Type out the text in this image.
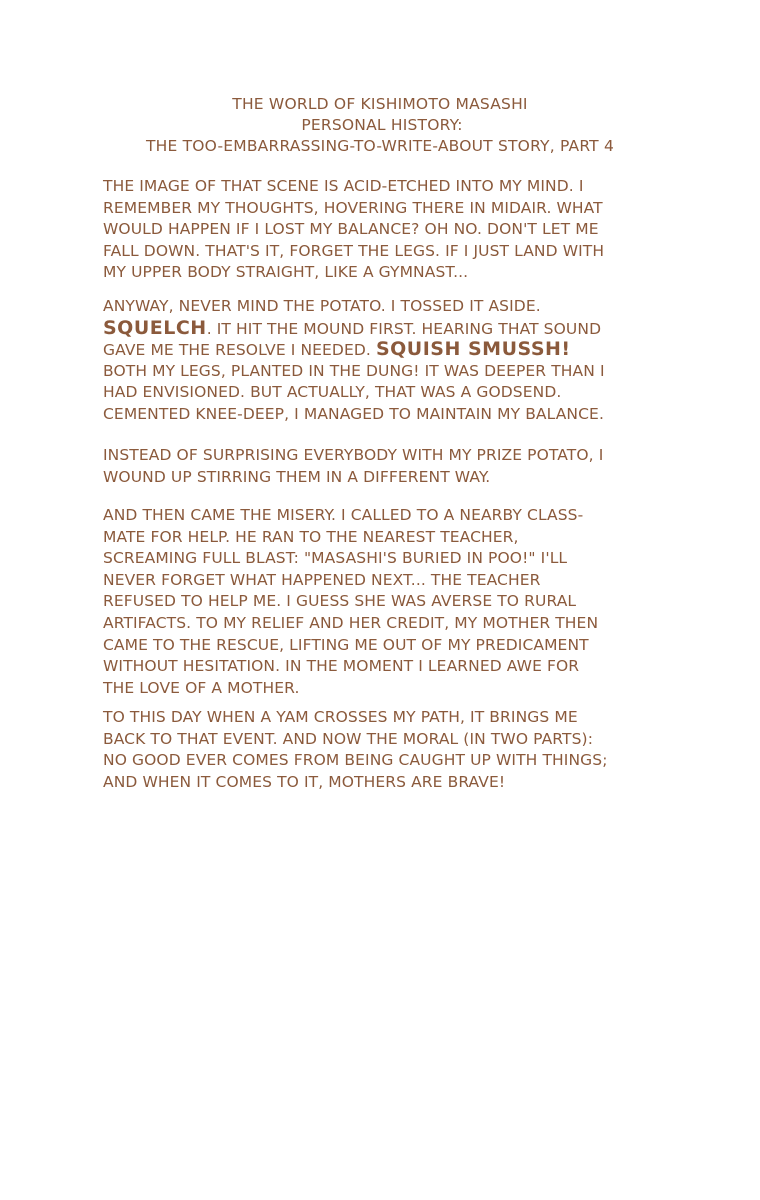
THE WORLD OF KISHIMOTO MASASHI
PERSONAL HISTORY:
THE TOO-EMBARRASSING-TO-WRITE-ABOUT STORY, PART 4
THE IMAGE OF THAT SCENE IS ACID-ETCHED INTO MY MIND. I
REMEMBER MY THOUGHTS, HOVERING THERE IN MIDAIR. WHAT
WOULD HAPPEN IF I LOST MY BALANCE? OH NO. DON'T LET ME
FALL DOWN. THAT'S IT, FORGET THE LEGS. IF I JUST LAND WITH
MY UPPER BODY STRAIGHT, LIKE A GYMNAST...
ANYWAY, NEVER MIND THE POTATO. I TOSSED IT ASIDE.
SQUELCH. IT HIT THE MOUND FIRST. HEARING THAT SOUND
GAVE ME THE RESOLVE I NEEDED. SQUISH SMUSSH!
BOTH MY LEGS, PLANTED IN THE DUNG! IT WAS DEEPER THAN I
HAD ENVISIONED. BUT ACTUALLY, THAT WAS A GODSEND.
CEMENTED KNEE-DEEP, I MANAGED TO MAINTAIN MY BALANCE.
INSTEAD OF SURPRISING EVERYBODY WITH MY PRIZE POTATO, I
WOUND UP STIRRING THEM IN A DIFFERENT WAY.
AND THEN CAME THE MISERY. I CALLED TO A NEARBY CLASS-
MATE FOR HELP. HE RAN TO THE NEAREST TEACHER,
SCREAMING FULL BLAST: "MASASHI'S BURIED IN POO!" I'LL
NEVER FORGET WHAT HAPPENED NEXT... THE TEACHER
REFUSED TO HELP ME. I GUESS SHE WAS AVERSE TO RURAL
ARTIFACTS. TO MY RELIEF AND HER CREDIT, MY MOTHER THEN
CAME TO THE RESCUE, LIFTING ME OUT OF MY PREDICAMENT
WITHOUT HESITATION. IN THE MOMENT I LEARNED AWE FOR
THE LOVE OF A MOTHER.
TO THIS DAY WHEN A YAM CROSSES MY PATH, IT BRINGS ME
BACK TO THAT EVENT. AND NOW THE MORAL (IN TWO PARTS):
NO GOOD EVER COMES FROM BEING CAUGHT UP WITH THINGS;
AND WHEN IT COMES TO IT, MOTHERS ARE BRAVE!
